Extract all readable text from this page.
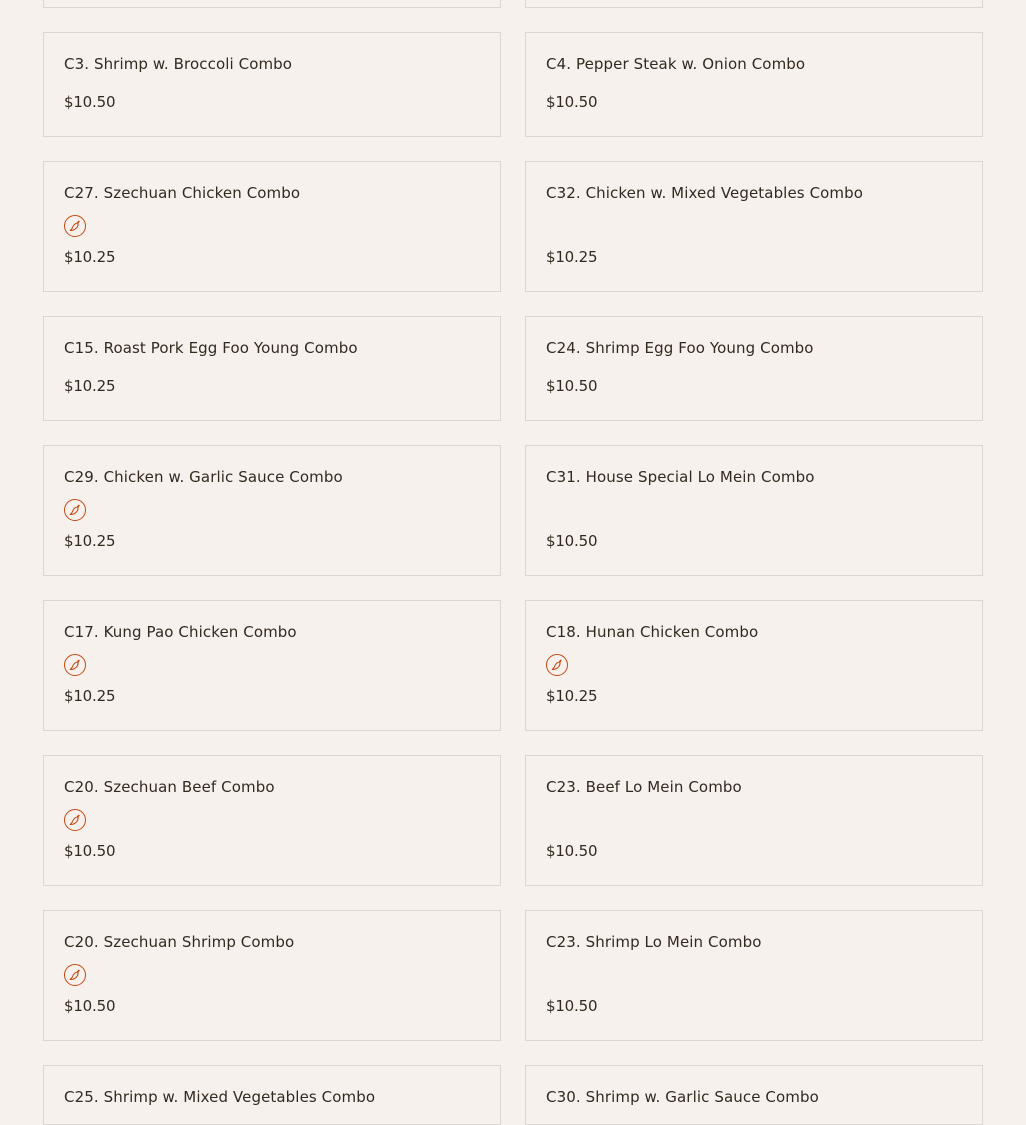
C3. Shrimp w. Broccoli Combo
$10.50
C4. Pepper Steak w. Onion Combo
$10.50
C27. Szechuan Chicken Combo
$10.25
C32. Chicken w. Mixed Vegetables Combo
$10.25
C15. Roast Pork Egg Foo Young Combo
$10.25
C24. Shrimp Egg Foo Young Combo
$10.50
C29. Chicken w. Garlic Sauce Combo
$10.25
C31. House Special Lo Mein Combo
$10.50
C17. Kung Pao Chicken Combo
$10.25
C18. Hunan Chicken Combo
$10.25
C20. Szechuan Beef Combo
$10.50
C23. Beef Lo Mein Combo
$10.50
C20. Szechuan Shrimp Combo
$10.50
C23. Shrimp Lo Mein Combo
$10.50
C25. Shrimp w. Mixed Vegetables Combo	C30. Shrimp w. Garlic Sauce Combo
